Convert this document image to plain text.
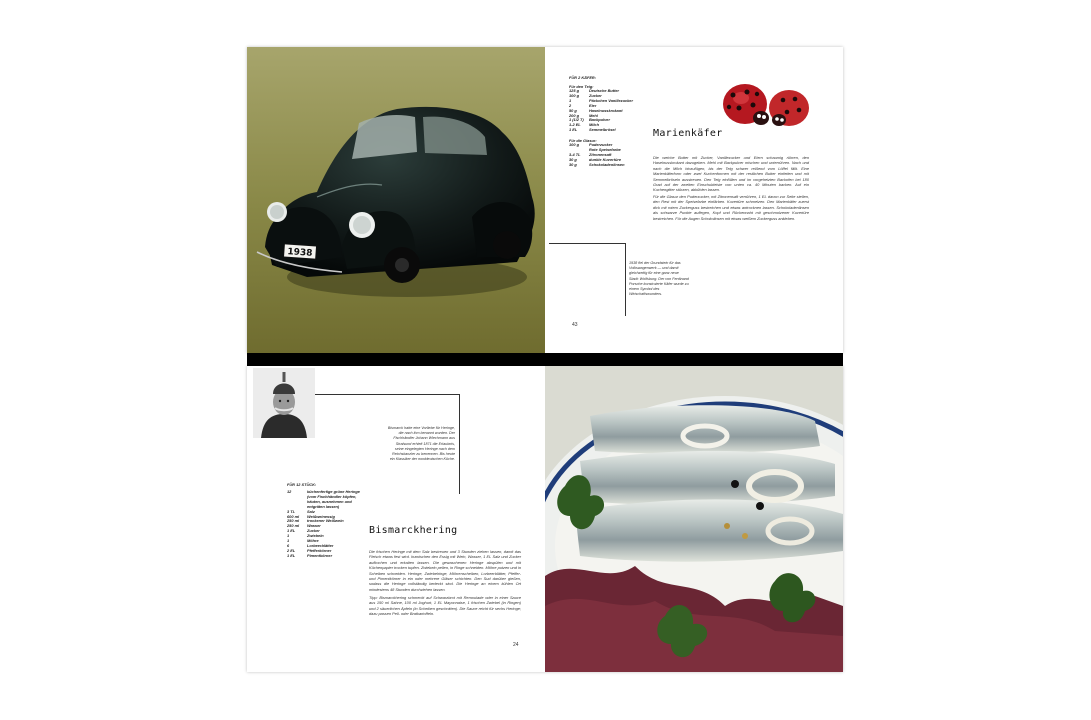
1938
FÜR 2 KÄFER:
Für den Teig:
125 g	Deutsche Butter
100 g	Zucker
1	Päckchen Vanillezucker
2	Eier
50 g	Haselnusskrokant
200 g	Mehl
1 (1/2 T)	Backpulver
1-2 EL	Milch
1 EL	Semmelbrösel
Für die Glasur:
100 g	Puderzucker
Rote Speisefarbe
3-4 TL	Zitronensaft
30 g	dunkle Kuvertüre
30 g	Schokoladenlinsen
Marienkäfer
Die weiche Butter mit Zucker, Vanillezucker und Eiern schaumig rühren, den Haselnusskrokant dazugeben. Mehl mit Backpulver mischen und unterrühren. Nach und nach die Milch hinzufügen, bis der Teig schwer reißend vom Löffel fällt. Eine Marienkäferform oder zwei Kuchenformen mit der restlichen Butter einfetten und mit Semmelbröseln ausstreuen. Den Teig einfüllen und im vorgeheizten Backofen bei 180 Grad auf der zweiten Einschubleiste von unten ca. 40 Minuten backen. Auf ein Kuchengitter stürzen, abkühlen lassen.
Für die Glasur den Puderzucker, mit Zitronensaft verrühren, 1 EL davon zur Seite stellen, den Rest mit der Speisefarbe einfärben. Kuvertüre schmelzen. Den Marienkäfer zuerst dick mit rotem Zuckerguss bestreichen und etwas antrocknen lassen. Schokoladenlinsen als schwarze Punkte auflegen, Kopf und Rückennaht mit geschmolzener Kuvertüre bestreichen. Für die Augen Schokolinsen mit etwas weißem Zuckerguss ankleben.
1938 fiel der Grundstein für das Volkswagenwerk — und damit gleichzeitig für eine ganz neue Stadt: Wolfsburg. Der von Ferdinand Porsche konstruierte Käfer wurde zu einem Symbol des Wirtschaftswunders.
43
Bismarck hatte eine Vorliebe für Heringe, die nach ihm benannt wurden. Der Fischhändler Johann Wiechmann aus Stralsund erhielt 1871 die Erlaubnis, seine eingelegten Heringe nach dem Reichskanzler zu benennen. Bis heute ein Klassiker der norddeutschen Küche.
FÜR 12 STÜCK:
12	küchenfertige grüne Heringe (vom Fischhändler köpfen, häuten, ausnehmen und entgräten lassen)
3 TL	Salz
600 ml	Weißweinessig
250 ml	trockener Weißwein
250 ml	Wasser
1 EL	Zucker
1	Zwiebeln
1	Möhre
6	Lorbeerblätter
2 EL	Pfefferkörner
1 EL	Pimentkörner
Bismarckhering
Die frischen Heringe mit dem Salz bestreuen und 3 Stunden ziehen lassen, damit das Fleisch etwas fest wird. Inzwischen den Essig mit Wein, Wasser, 1 EL Salz und Zucker aufkochen und erkalten lassen. Die gewaschenen Heringe abspülen und mit Küchenpapier trocken tupfen. Zwiebeln pellen, in Ringe schneiden. Möhre putzen und in Scheiben schneiden. Heringe, Zwiebelringe, Möhrenscheiben, Lorbeerblätter, Pfeffer- und Pimentkörner in ein oder mehrere Gläser schichten. Den Sud darüber gießen, sodass die Heringe vollständig bedeckt sind. Die Heringe an einem kühlen Ort mindestens 48 Stunden durchziehen lassen.
Tipp: Bismarckhering schmeckt auf Schwarzbrot mit Remoulade oder in einer Sauce aus 150 ml Sahne, 100 ml Joghurt, 1 EL Mayonnaise, 1 frischen Zwiebel (in Ringen) und 2 säuerlichen Äpfeln (in Scheiben geschnitten). Die Sauce reicht für sechs Heringe; dazu passen Pell- oder Bratkartoffeln.
24
